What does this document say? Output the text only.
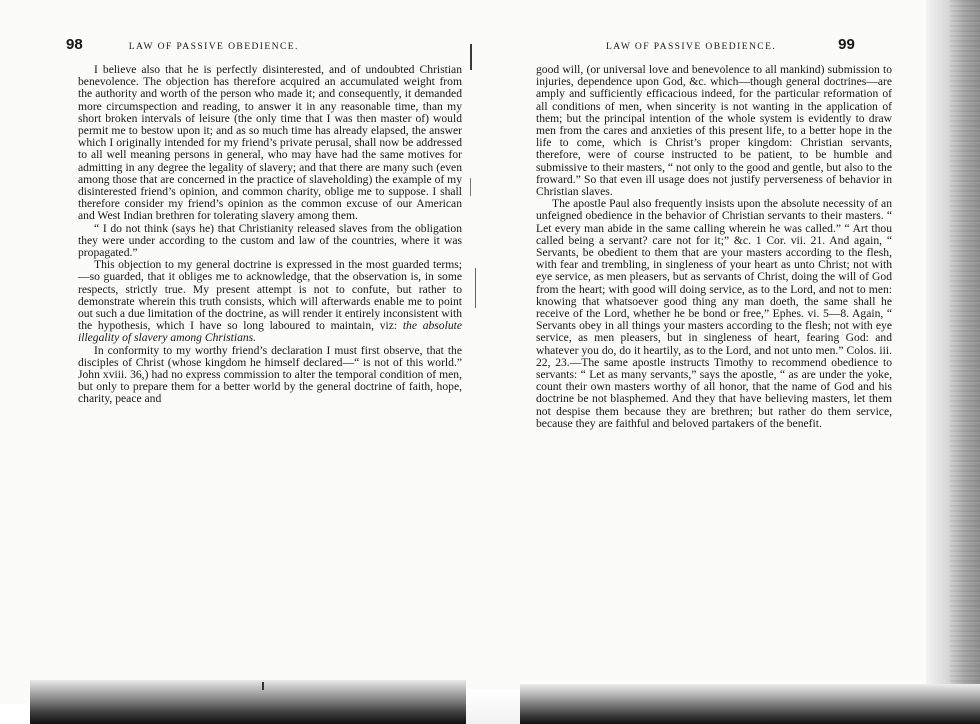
98	LAW OF PASSIVE OBEDIENCE.

I believe also that he is perfectly disinterested, and of undoubted Christian benevolence. The objection has therefore acquired an accumulated weight from the authority and worth of the person who made it; and consequently, it demanded more circumspection and reading, to answer it in any reasonable time, than my short broken intervals of leisure (the only time that I was then master of) would permit me to bestow upon it; and as so much time has already elapsed, the answer which I originally intended for my friend’s private perusal, shall now be addressed to all well meaning persons in general, who may have had the same motives for admitting in any degree the legality of slavery; and that there are many such (even among those that are concerned in the practice of slaveholding) the example of my disinterested friend’s opinion, and common charity, oblige me to suppose. I shall therefore consider my friend’s opinion as the common excuse of our American and West Indian brethren for tolerating slavery among them.

“ I do not think (says he) that Christianity released slaves from the obligation they were under according to the custom and law of the countries, where it was propagated.”

This objection to my general doctrine is expressed in the most guarded terms;—so guarded, that it obliges me to acknowledge, that the observation is, in some respects, strictly true. My present attempt is not to confute, but rather to demonstrate wherein this truth consists, which will afterwards enable me to point out such a due limitation of the doctrine, as will render it entirely inconsistent with the hypothesis, which I have so long laboured to maintain, viz: the absolute illegality of slavery among Christians.

In conformity to my worthy friend’s declaration I must first observe, that the disciples of Christ (whose kingdom he himself declared—“ is not of this world.” John xviii. 36,) had no express commission to alter the temporal condition of men, but only to prepare them for a better world by the general doctrine of faith, hope, charity, peace and

LAW OF PASSIVE OBEDIENCE.	99

good will, (or universal love and benevolence to all mankind) submission to injuries, dependence upon God, &c. which—though general doctrines—are amply and sufficiently efficacious indeed, for the particular reformation of all conditions of men, when sincerity is not wanting in the application of them; but the principal intention of the whole system is evidently to draw men from the cares and anxieties of this present life, to a better hope in the life to come, which is Christ’s proper kingdom: Christian servants, therefore, were of course instructed to be patient, to be humble and submissive to their masters, “ not only to the good and gentle, but also to the froward.” So that even ill usage does not justify perverseness of behavior in Christian slaves.

The apostle Paul also frequently insists upon the absolute necessity of an unfeigned obedience in the behavior of Christian servants to their masters. “ Let every man abide in the same calling wherein he was called.” “ Art thou called being a servant? care not for it;” &c. 1 Cor. vii. 21. And again, “ Servants, be obedient to them that are your masters according to the flesh, with fear and trembling, in singleness of your heart as unto Christ; not with eye service, as men pleasers, but as servants of Christ, doing the will of God from the heart; with good will doing service, as to the Lord, and not to men: knowing that whatsoever good thing any man doeth, the same shall he receive of the Lord, whether he be bond or free,” Ephes. vi. 5—8. Again, “ Servants obey in all things your masters according to the flesh; not with eye service, as men pleasers, but in singleness of heart, fearing God: and whatever you do, do it heartily, as to the Lord, and not unto men.” Colos. iii. 22, 23.—The same apostle instructs Timothy to recommend obedience to servants: “ Let as many servants,” says the apostle, “ as are under the yoke, count their own masters worthy of all honor, that the name of God and his doctrine be not blasphemed. And they that have believing masters, let them not despise them because they are brethren; but rather do them service, because they are faithful and beloved partakers of the benefit.
